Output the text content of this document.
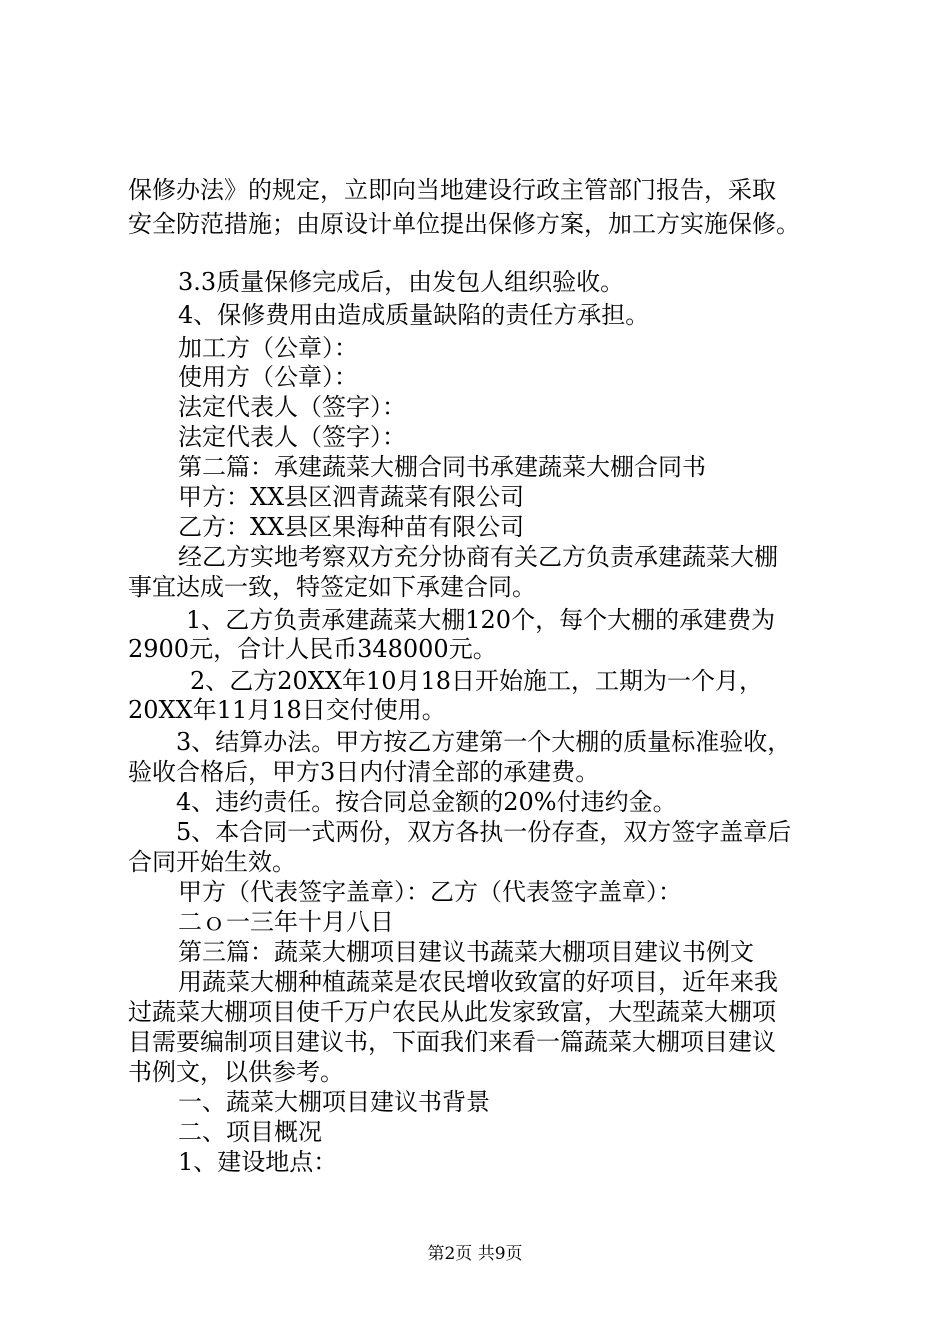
保修办法》的规定，立即向当地建设行政主管部门报告，采取
安全防范措施；由原设计单位提出保修方案，加工方实施保修。
3.3质量保修完成后，由发包人组织验收。
4、保修费用由造成质量缺陷的责任方承担。
加工方（公章）：
使用方（公章）：
法定代表人（签字）：
法定代表人（签字）：
第二篇：承建蔬菜大棚合同书承建蔬菜大棚合同书
甲方：XX县区泗青蔬菜有限公司
乙方：XX县区果海种苗有限公司
经乙方实地考察双方充分协商有关乙方负责承建蔬菜大棚
事宜达成一致，特签定如下承建合同。
1、乙方负责承建蔬菜大棚120个，每个大棚的承建费为
2900元，合计人民币348000元。
2、乙方20XX年10月18日开始施工，工期为一个月，
20XX年11月18日交付使用。
3、结算办法。甲方按乙方建第一个大棚的质量标准验收，
验收合格后，甲方3日内付清全部的承建费。
4、违约责任。按合同总金额的20%付违约金。
5、本合同一式两份，双方各执一份存查，双方签字盖章后
合同开始生效。
甲方（代表签字盖章）：乙方（代表签字盖章）：
二ｏ一三年十月八日
第三篇：蔬菜大棚项目建议书蔬菜大棚项目建议书例文
用蔬菜大棚种植蔬菜是农民增收致富的好项目，近年来我
过蔬菜大棚项目使千万户农民从此发家致富，大型蔬菜大棚项
目需要编制项目建议书，下面我们来看一篇蔬菜大棚项目建议
书例文，以供参考。
一、蔬菜大棚项目建议书背景
二、项目概况
1、建设地点：
第2页 共9页
